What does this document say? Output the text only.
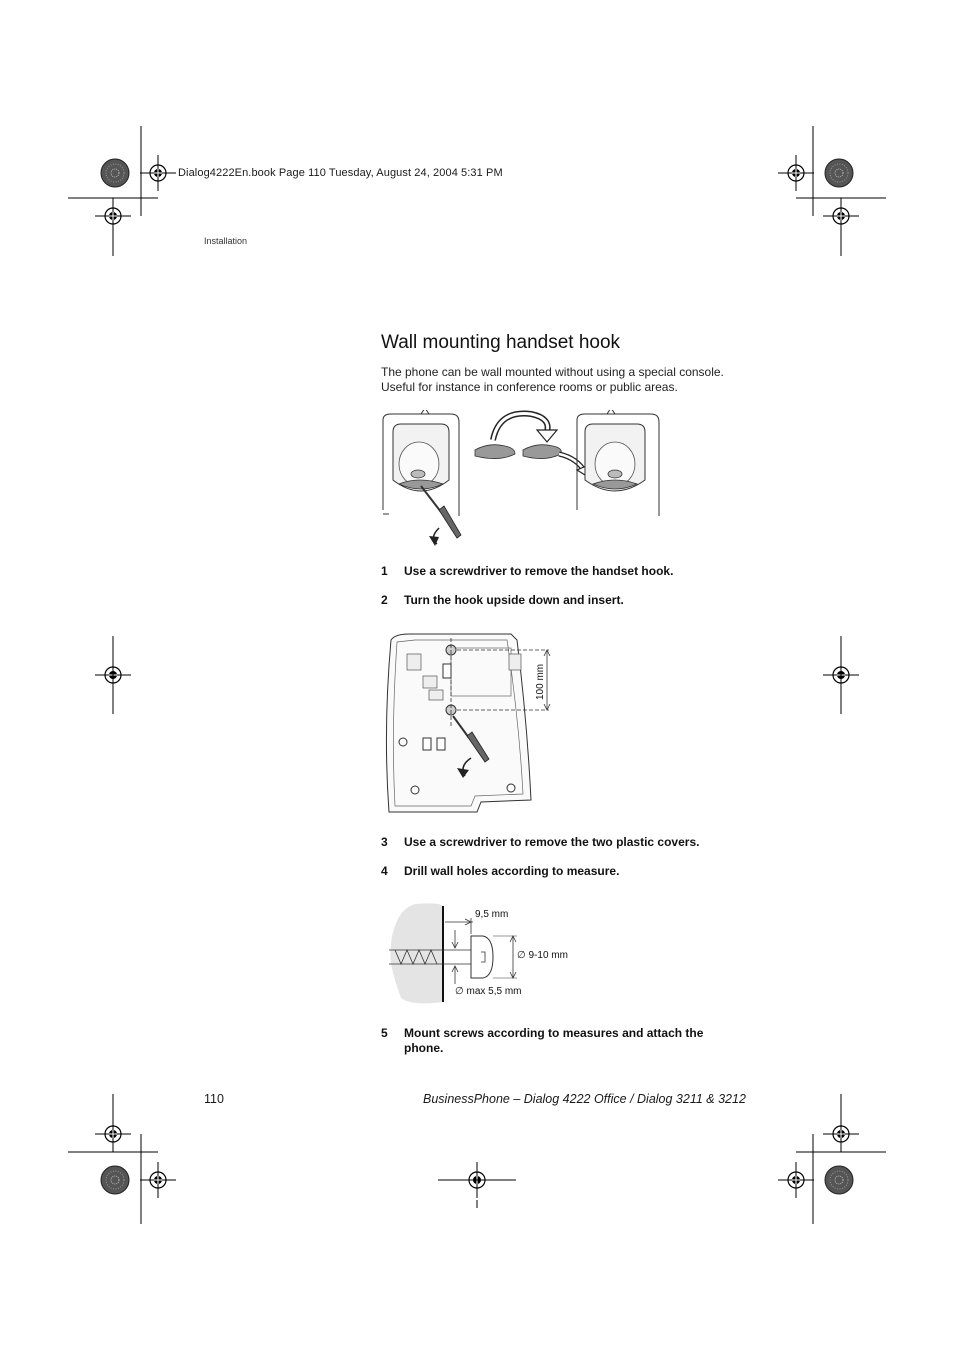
Dialog4222En.book Page 110 Tuesday, August 24, 2004 5:31 PM
Installation
Wall mounting handset hook
The phone can be wall mounted without using a special console.
Useful for instance in conference rooms or public areas.
1 Use a screwdriver to remove the handset hook.
2 Turn the hook upside down and insert.
100 mm
3 Use a screwdriver to remove the two plastic covers.
4 Drill wall holes according to measure.
9,5 mm
∅ 9-10 mm
∅ max 5,5 mm
5 Mount screws according to measures and attach the phone.
110	BusinessPhone – Dialog 4222 Office / Dialog 3211 & 3212
